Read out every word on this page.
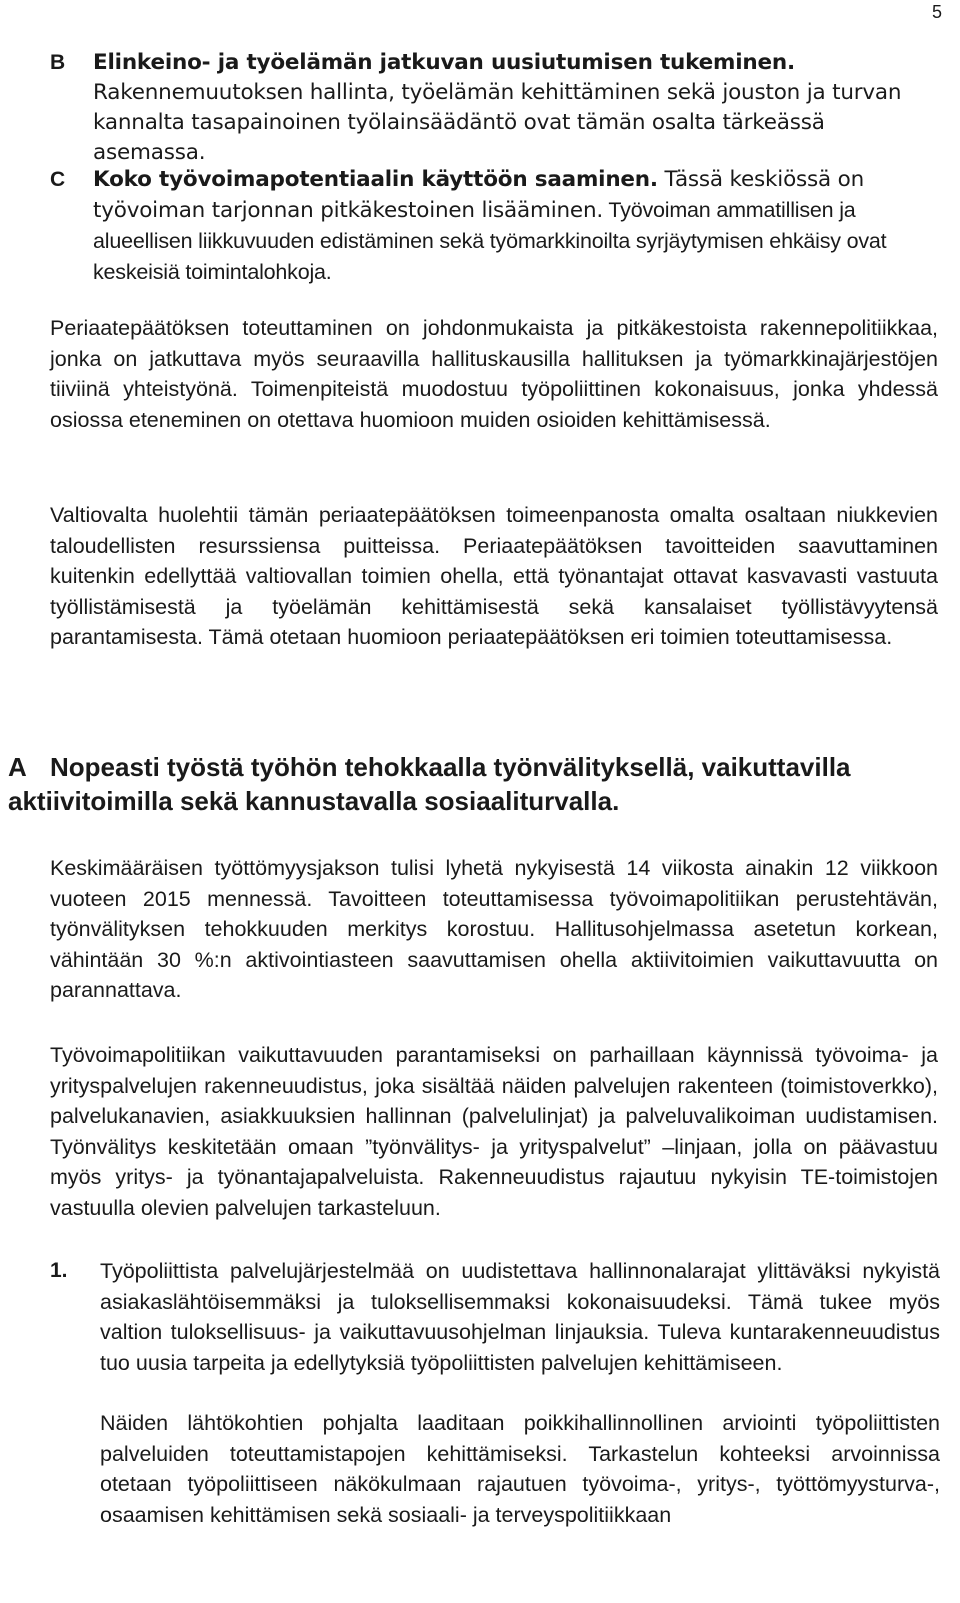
5
B	Elinkeino- ja työelämän jatkuvan uusiutumisen tukeminen. Rakennemuutoksen hallinta, työelämän kehittäminen sekä jouston ja turvan kannalta tasapainoinen työlainsäädäntö ovat tämän osalta tärkeässä asemassa.

C	Koko työvoimapotentiaalin käyttöön saaminen. Tässä keskiössä on työvoiman tarjonnan pitkäkestoinen lisääminen. Työvoiman ammatillisen ja alueellisen liikkuvuuden edistäminen sekä työmarkkinoilta syrjäytymisen ehkäisy ovat keskeisiä toimintalohkoja.

Periaatepäätöksen toteuttaminen on johdonmukaista ja pitkäkestoista rakennepolitiikkaa, jonka on jatkuttava myös seuraavilla hallituskausilla hallituksen ja työmarkkinajärjestöjen tiiviinä yhteistyönä. Toimenpiteistä muodostuu työpoliittinen kokonaisuus, jonka yhdessä osiossa eteneminen on otettava huomioon muiden osioiden kehittämisessä.

Valtiovalta huolehtii tämän periaatepäätöksen toimeenpanosta omalta osaltaan niukkevien taloudellisten resurssiensa puitteissa. Periaatepäätöksen tavoitteiden saavuttaminen kuitenkin edellyttää valtiovallan toimien ohella, että työnantajat ottavat kasvavasti vastuuta työllistämisestä ja työelämän kehittämisestä sekä kansalaiset työllistävyytensä parantamisesta. Tämä otetaan huomioon periaatepäätöksen eri toimien toteuttamisessa.

A Nopeasti työstä työhön tehokkaalla työnvälityksellä, vaikuttavilla aktiivitoimilla sekä kannustavalla sosiaaliturvalla.

Keskimääräisen työttömyysjakson tulisi lyhetä nykyisestä 14 viikosta ainakin 12 viikkoon vuoteen 2015 mennessä. Tavoitteen toteuttamisessa työvoimapolitiikan perustehtävän, työnvälityksen tehokkuuden merkitys korostuu. Hallitusohjelmassa asetetun korkean, vähintään 30 %:n aktivointiasteen saavuttamisen ohella aktiivitoimien vaikuttavuutta on parannattava.

Työvoimapolitiikan vaikuttavuuden parantamiseksi on parhaillaan käynnissä työvoima- ja yrityspalvelujen rakenneuudistus, joka sisältää näiden palvelujen rakenteen (toimistoverkko), palvelukanavien, asiakkuuksien hallinnan (palvelulinjat) ja palveluvalikoiman uudistamisen. Työnvälitys keskitetään omaan ”työnvälitys- ja yrityspalvelut” –linjaan, jolla on päävastuu myös yritys- ja työnantajapalveluista. Rakenneuudistus rajautuu nykyisin TE-toimistojen vastuulla olevien palvelujen tarkasteluun.

1. Työpoliittista palvelujärjestelmää on uudistettava hallinnonalarajat ylittäväksi nykyistä asiakaslähtöisemmäksi ja tuloksellisemmaksi kokonaisuudeksi. Tämä tukee myös valtion tuloksellisuus- ja vaikuttavuusohjelman linjauksia. Tuleva kuntarakenneuudistus tuo uusia tarpeita ja edellytyksiä työpoliittisten palvelujen kehittämiseen.

Näiden lähtökohtien pohjalta laaditaan poikkihallinnollinen arviointi työpoliittisten palveluiden toteuttamistapojen kehittämiseksi. Tarkastelun kohteeksi arvoinnissa otetaan työpoliittiseen näkökulmaan rajautuen työvoima-, yritys-, työttömyysturva-, osaamisen kehittämisen sekä sosiaali- ja terveyspolitiikkaan
